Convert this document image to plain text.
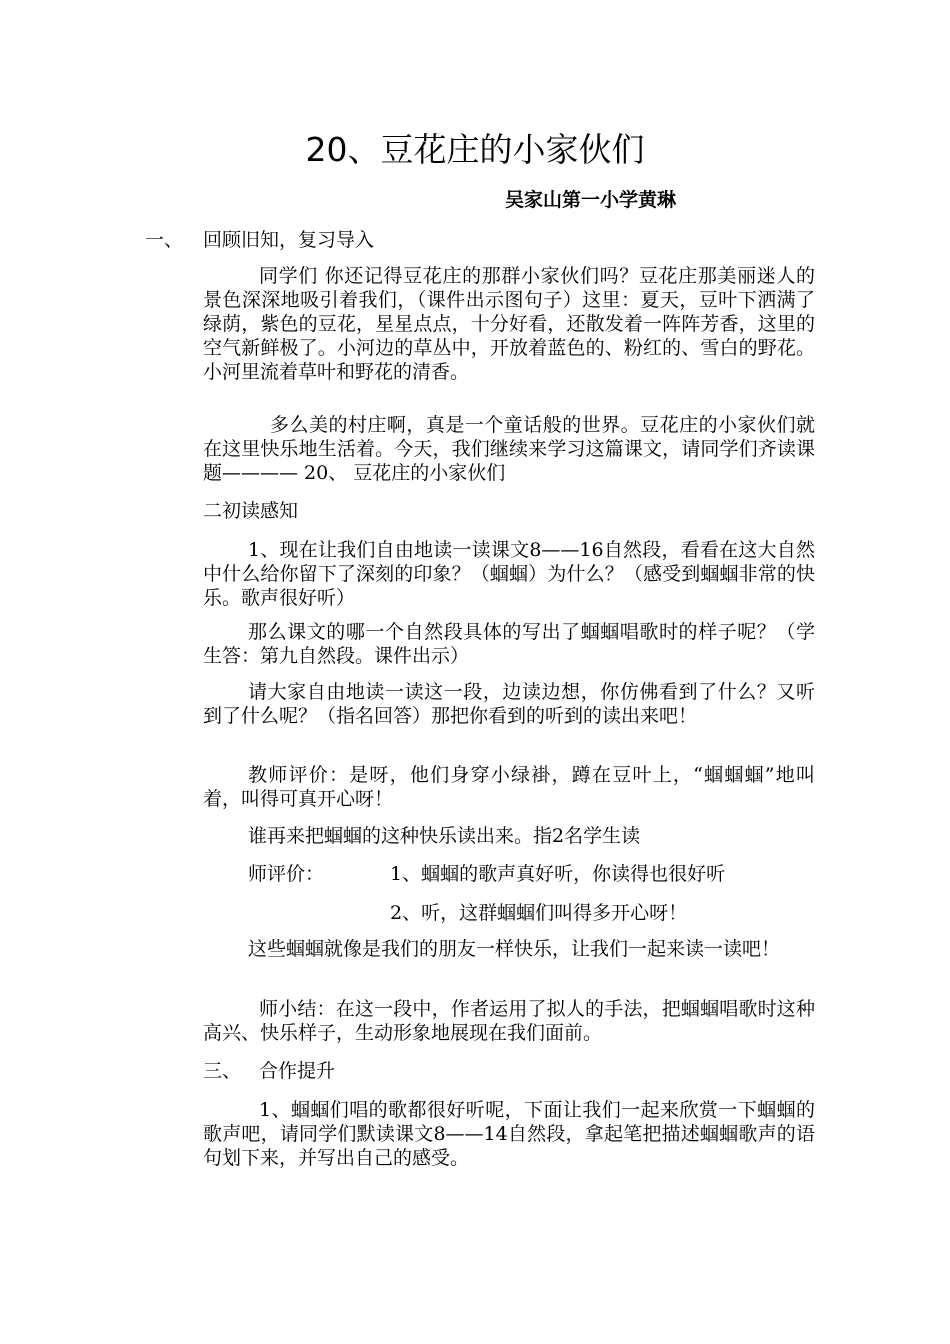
20、豆花庄的小家伙们
吴家山第一小学黄琳
一、 回顾旧知，复习导入

同学们 你还记得豆花庄的那群小家伙们吗？豆花庄那美丽迷人的景色深深地吸引着我们，（课件出示图句子）这里：夏天，豆叶下洒满了绿荫，紫色的豆花，星星点点，十分好看，还散发着一阵阵芳香，这里的空气新鲜极了。小河边的草丛中，开放着蓝色的、粉红的、雪白的野花。小河里流着草叶和野花的清香。

多么美的村庄啊，真是一个童话般的世界。豆花庄的小家伙们就在这里快乐地生活着。今天，我们继续来学习这篇课文，请同学们齐读课题———— 20、 豆花庄的小家伙们

二初读感知

1、现在让我们自由地读一读课文8——16自然段，看看在这大自然中什么给你留下了深刻的印象？（蝈蝈）为什么？（感受到蝈蝈非常的快乐。歌声很好听）

那么课文的哪一个自然段具体的写出了蝈蝈唱歌时的样子呢？（学生答：第九自然段。课件出示）

请大家自由地读一读这一段，边读边想，你仿佛看到了什么？又听到了什么呢？（指名回答）那把你看到的听到的读出来吧！

教师评价：是呀，他们身穿小绿褂，蹲在豆叶上，“蝈蝈蝈”地叫着，叫得可真开心呀！

谁再来把蝈蝈的这种快乐读出来。指2名学生读
师评价：	1、蝈蝈的歌声真好听，你读得也很好听
2、听，这群蝈蝈们叫得多开心呀！

这些蝈蝈就像是我们的朋友一样快乐，让我们一起来读一读吧！

师小结：在这一段中，作者运用了拟人的手法，把蝈蝈唱歌时这种高兴、快乐样子，生动形象地展现在我们面前。

三、 合作提升

1、蝈蝈们唱的歌都很好听呢，下面让我们一起来欣赏一下蝈蝈的歌声吧，请同学们默读课文8——14自然段，拿起笔把描述蝈蝈歌声的语句划下来，并写出自己的感受。
